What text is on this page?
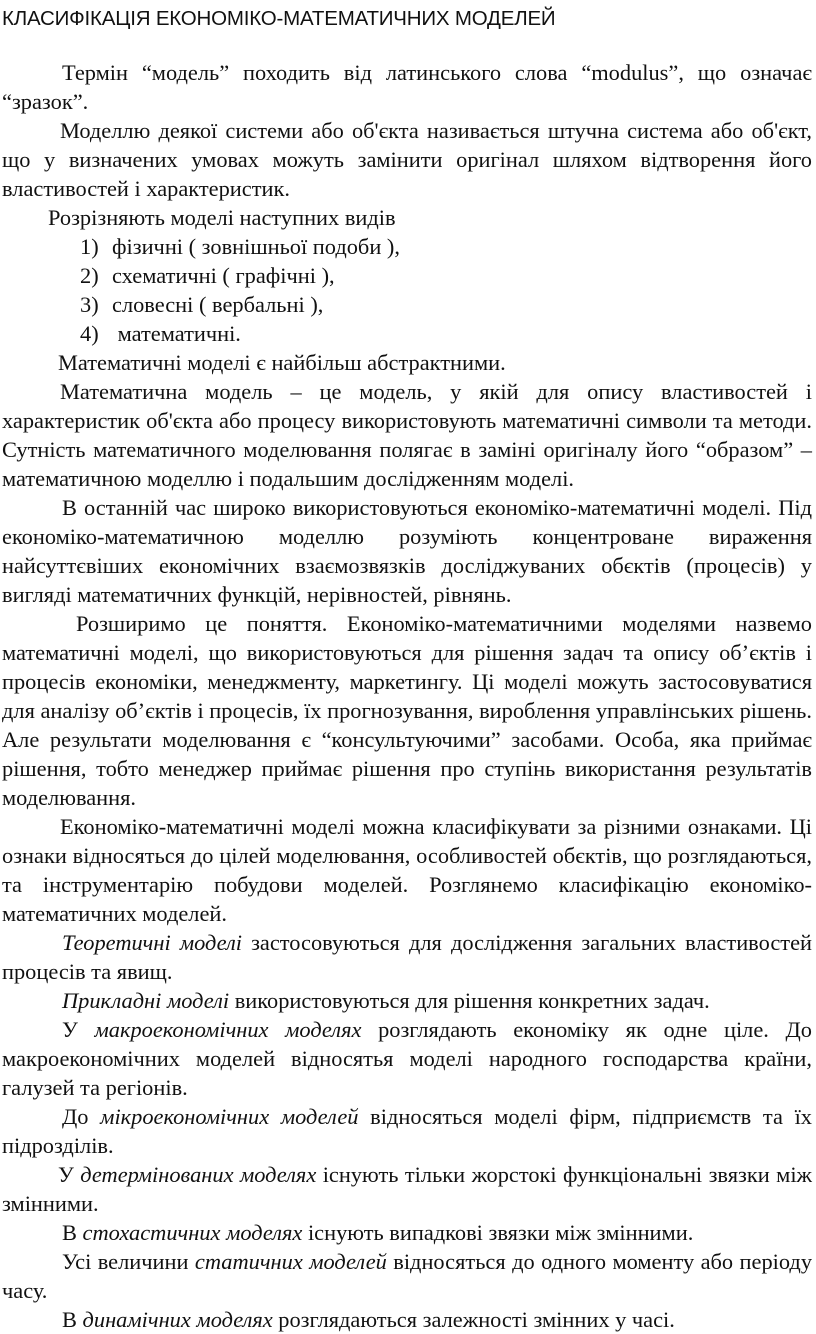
КЛАСИФІКАЦІЯ ЕКОНОМІКО-МАТЕМАТИЧНИХ МОДЕЛЕЙ

Термін “модель” походить від латинського слова “modulus”, що означає “зразок”.

Моделлю деякої системи або об'єкта називається штучна система або об'єкт, що у визначених умовах можуть замінити оригінал шляхом відтворення його властивостей і характеристик.

Розрізняють моделі наступних видів

1) фізичні ( зовнішньої подоби ),
2) схематичні ( графічні ),
3) словесні ( вербальні ),
4) математичні.

Математичні моделі є найбільш абстрактними.

Математична модель – це модель, у якій для опису властивостей і характеристик об'єкта або процесу використовують математичні символи та методи. Сутність математичного моделювання полягає в заміні оригіналу його “образом” – математичною моделлю і подальшим дослідженням моделі.

В останній час широко використовуються економіко-математичні моделі. Під економіко-математичною моделлю розуміють концентроване вираження найсуттєвіших економічних взаємозвязків досліджуваних обєктів (процесів) у вигляді математичних функцій, нерівностей, рівнянь.

Розширимо це поняття. Економіко-математичними моделями назвемо математичні моделі, що використовуються для рішення задач та опису об’єктів і процесів економіки, менеджменту, маркетингу. Ці моделі можуть застосовуватися для аналізу об’єктів і процесів, їх прогнозування, вироблення управлінських рішень. Але результати моделювання є “консультуючими” засобами. Особа, яка приймає рішення, тобто менеджер приймає рішення про ступінь використання результатів моделювання.

Економіко-математичні моделі можна класифікувати за різними ознаками. Ці ознаки відносяться до цілей моделювання, особливостей обєктів, що розглядаються, та інструментарію побудови моделей. Розглянемо класифікацію економіко-математичних моделей.

Теоретичні моделі застосовуються для дослідження загальних властивостей процесів та явищ.

Прикладні моделі використовуються для рішення конкретних задач.

У макроекономічних моделях розглядають економіку як одне ціле. До макроекономічних моделей відносятья моделі народного господарства країни, галузей та регіонів.

До мікроекономічних моделей відносяться моделі фірм, підприємств та їх підрозділів.

У детермінованих моделях існують тільки жорстокі функціональні звязки між змінними.

В стохастичних моделях існують випадкові звязки між змінними.

Усі величини статичних моделей відносяться до одного моменту або періоду часу.

В динамічних моделях розглядаються залежності змінних у часі.
